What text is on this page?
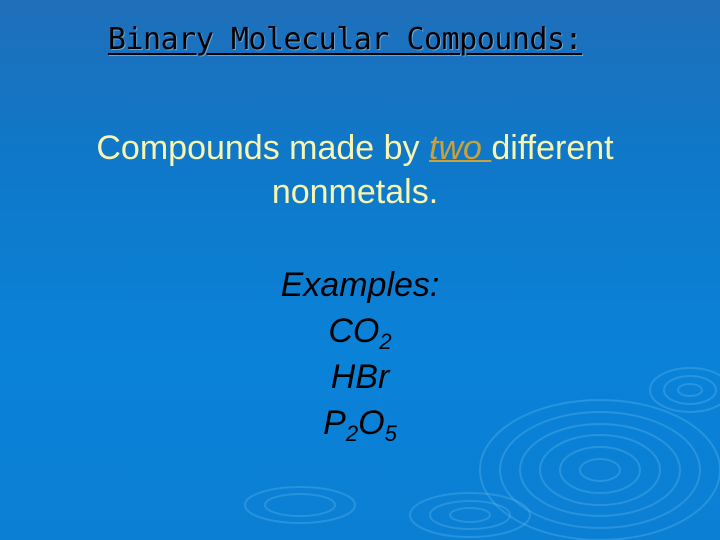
Binary Molecular Compounds:
Compounds made by two different
nonmetals.
Examples:
$CO_2$
HBr
$P_2O_5$
